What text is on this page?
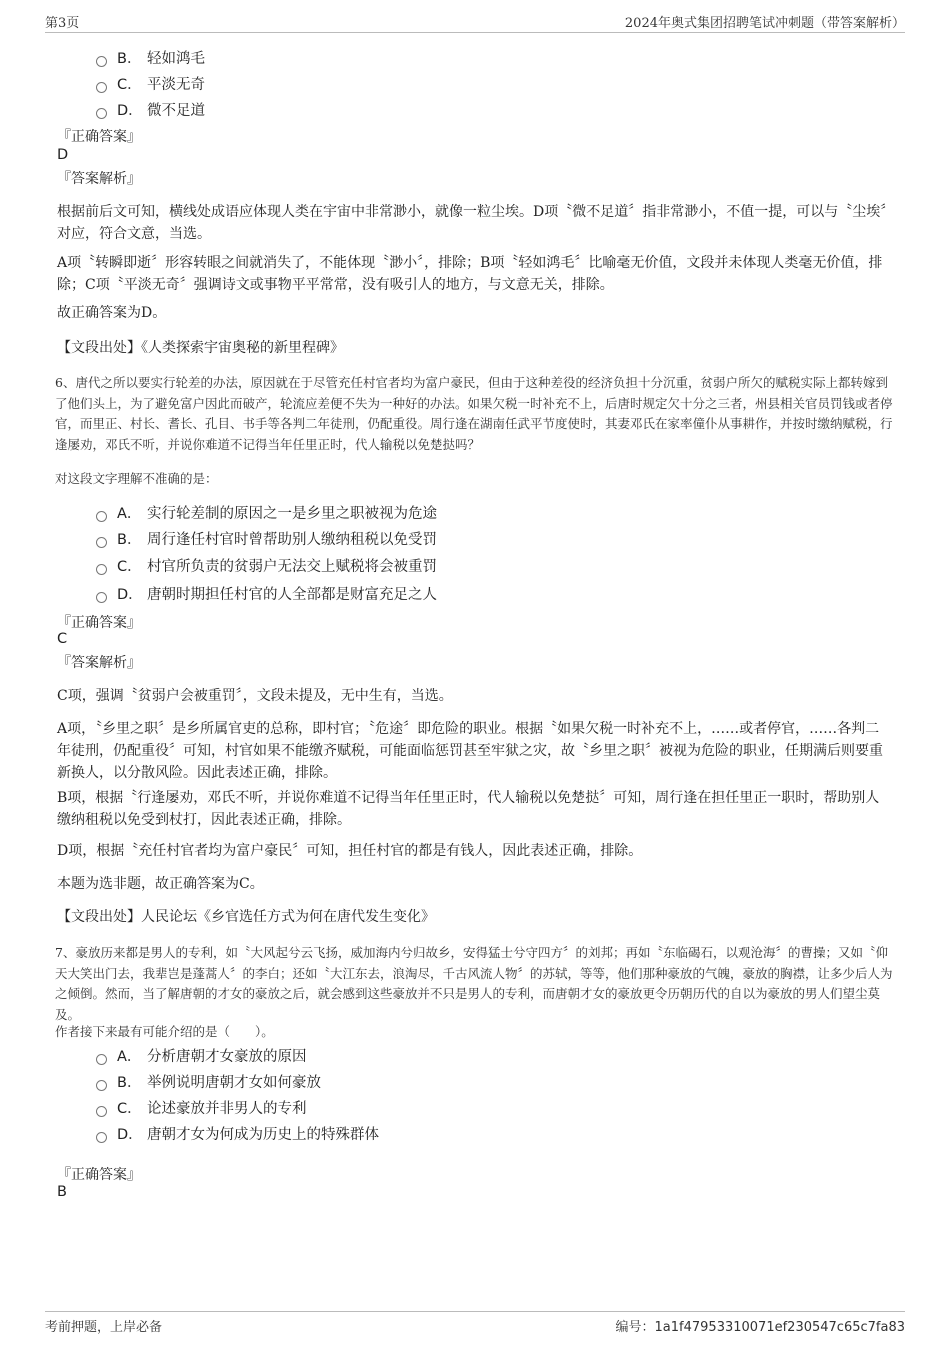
第3页	2024年奥式集团招聘笔试冲刺题（带答案解析）
B． 轻如鸿毛
C． 平淡无奇
D． 微不足道
『正确答案』
D
『答案解析』
根据前后文可知，横线处成语应体现人类在宇宙中非常渺小，就像一粒尘埃。D项〝微不足道〞指非常渺小，不值一提，可以与〝尘埃〞对应，符合文意，当选。
A项〝转瞬即逝〞形容转眼之间就消失了，不能体现〝渺小〞，排除；B项〝轻如鸿毛〞比喻毫无价值，文段并未体现人类毫无价值，排除；C项〝平淡无奇〞强调诗文或事物平平常常，没有吸引人的地方，与文意无关，排除。
故正确答案为D。
【文段出处】《人类探索宇宙奥秘的新里程碑》
6、唐代之所以要实行轮差的办法，原因就在于尽管充任村官者均为富户豪民，但由于这种差役的经济负担十分沉重，贫弱户所欠的赋税实际上都转嫁到了他们头上，为了避免富户因此而破产，轮流应差便不失为一种好的办法。如果欠税一时补充不上，后唐时规定欠十分之三者，州县相关官员罚钱或者停官，而里正、村长、耆长、孔目、书手等各判二年徒刑，仍配重役。周行逢在湖南任武平节度使时，其妻邓氏在家率僮仆从事耕作，并按时缴纳赋税，行逢屡劝，邓氏不听，并说你难道不记得当年任里正时，代人输税以免楚挞吗？
对这段文字理解不准确的是：
A． 实行轮差制的原因之一是乡里之职被视为危途
B． 周行逢任村官时曾帮助别人缴纳租税以免受罚
C． 村官所负责的贫弱户无法交上赋税将会被重罚
D． 唐朝时期担任村官的人全部都是财富充足之人
『正确答案』
C
『答案解析』
C项，强调〝贫弱户会被重罚〞，文段未提及，无中生有，当选。
A项，〝乡里之职〞是乡所属官吏的总称，即村官；〝危途〞即危险的职业。根据〝如果欠税一时补充不上，……或者停官，……各判二年徒刑，仍配重役〞可知，村官如果不能缴齐赋税，可能面临惩罚甚至牢狱之灾，故〝乡里之职〞被视为危险的职业，任期满后则要重新换人，以分散风险。因此表述正确，排除。
B项，根据〝行逢屡劝，邓氏不听，并说你难道不记得当年任里正时，代人输税以免楚挞〞可知，周行逢在担任里正一职时，帮助别人缴纳租税以免受到杖打，因此表述正确，排除。
D项，根据〝充任村官者均为富户豪民〞可知，担任村官的都是有钱人，因此表述正确，排除。
本题为选非题，故正确答案为C。
【文段出处】人民论坛《乡官选任方式为何在唐代发生变化》
7、豪放历来都是男人的专利，如〝大风起兮云飞扬，威加海内兮归故乡，安得猛士兮守四方〞的刘邦；再如〝东临碣石，以观沧海〞的曹操；又如〝仰天大笑出门去，我辈岂是蓬蒿人〞的李白；还如〝大江东去，浪淘尽，千古风流人物〞的苏轼，等等，他们那种豪放的气魄，豪放的胸襟，让多少后人为之倾倒。然而，当了解唐朝的才女的豪放之后，就会感到这些豪放并不只是男人的专利，而唐朝才女的豪放更令历朝历代的自以为豪放的男人们望尘莫及。
作者接下来最有可能介绍的是（　　）。
A． 分析唐朝才女豪放的原因
B． 举例说明唐朝才女如何豪放
C． 论述豪放并非男人的专利
D． 唐朝才女为何成为历史上的特殊群体
『正确答案』
B
考前押题，上岸必备	编号：1a1f47953310071ef230547c65c7fa83
